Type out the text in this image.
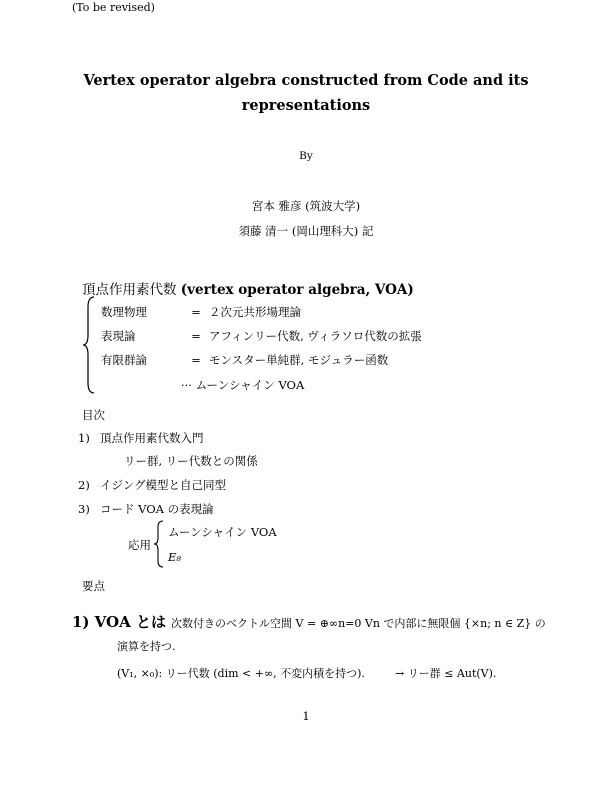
(To be revised)
Vertex operator algebra constructed from Code and its
representations
By
宮本 雅彦 (筑波大学)
須藤 清一 (岡山理科大) 記
頂点作用素代数 (vertex operator algebra, VOA)
数理物理	= ２次元共形場理論
表現論	= アフィンリー代数, ヴィラソロ代数の拡張
有限群論	= モンスター単純群, モジュラー函数
··· ムーンシャイン VOA
目次
1) 頂点作用素代数入門
リー群, リー代数との関係
2) イジング模型と自己同型
3) コード VOA の表現論
応用
ムーンシャイン VOA
E₈
要点
1) VOA とは 次数付きのベクトル空間 V = ⊕∞n=0 Vn で内部に無限個 {×n; n ∈ Z} の
演算を持つ.
(V₁, ×₀): リー代数 (dim < +∞, 不変内積を持つ).	→ リー群 ≤ Aut(V).
1
